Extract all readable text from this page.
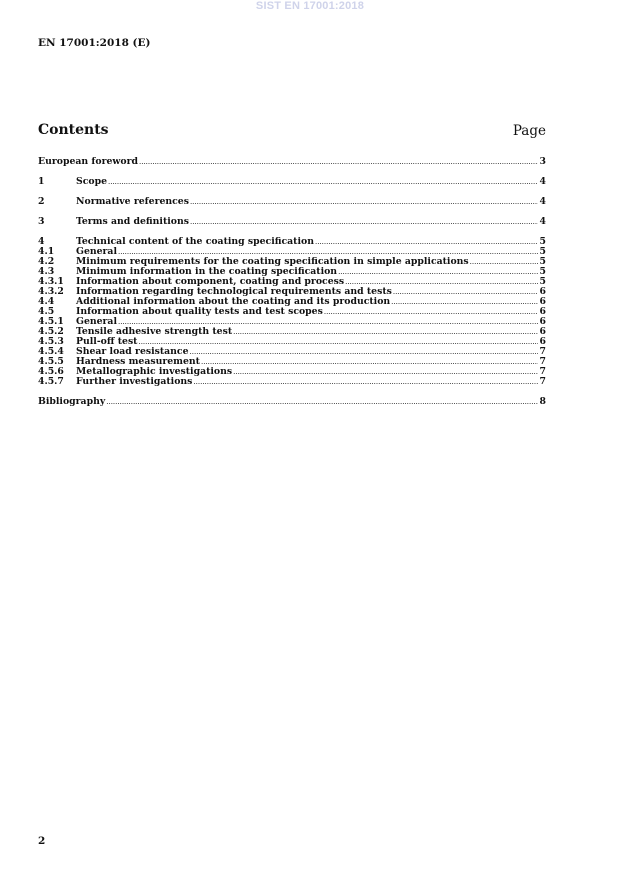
SIST EN 17001:2018
EN 17001:2018 (E)
Contents	Page
European foreword .....	3
1	Scope .....	4
2	Normative references .....	4
3	Terms and definitions .....	4
4	Technical content of the coating specification .....	5
4.1	General .....	5
4.2	Minimum requirements for the coating specification in simple applications .....	5
4.3	Minimum information in the coating specification .....	5
4.3.1	Information about component, coating and process .....	5
4.3.2	Information regarding technological requirements and tests .....	6
4.4	Additional information about the coating and its production .....	6
4.5	Information about quality tests and test scopes .....	6
4.5.1	General .....	6
4.5.2	Tensile adhesive strength test .....	6
4.5.3	Pull-off test .....	6
4.5.4	Shear load resistance .....	7
4.5.5	Hardness measurement .....	7
4.5.6	Metallographic investigations .....	7
4.5.7	Further investigations .....	7
Bibliography .....	8
2
